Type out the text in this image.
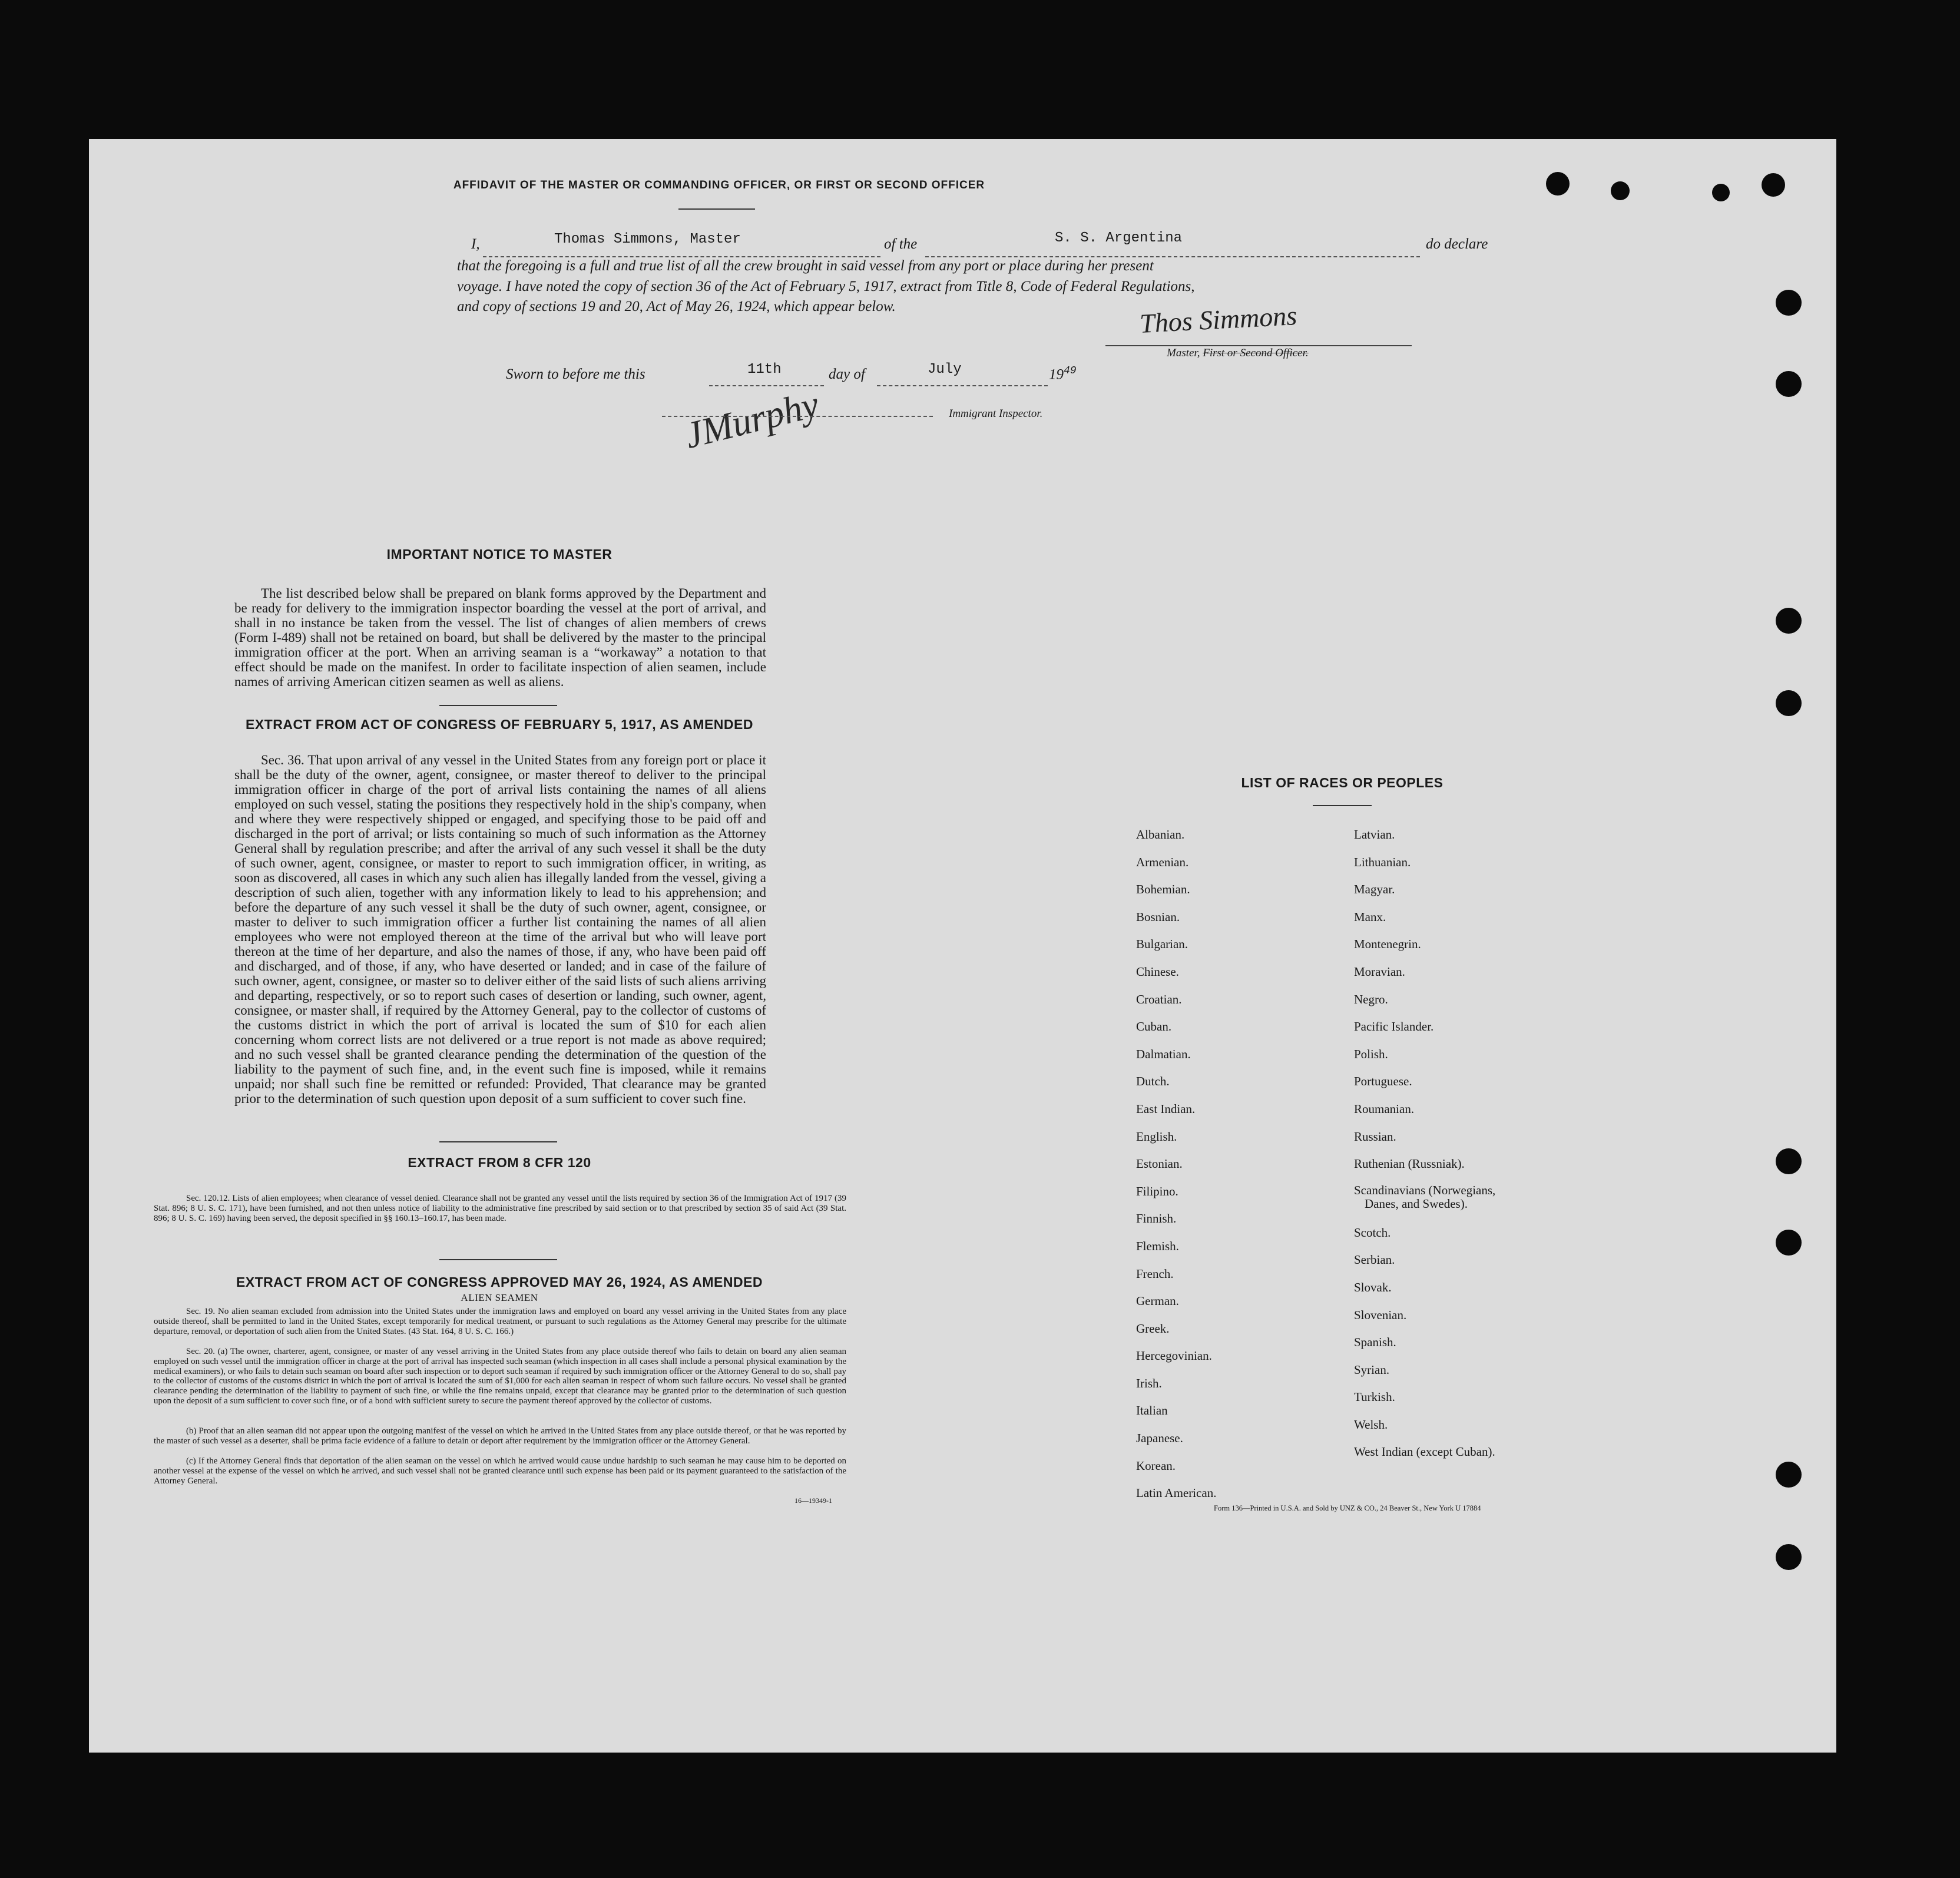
AFFIDAVIT OF THE MASTER OR COMMANDING OFFICER, OR FIRST OR SECOND OFFICER
I,	Thomas Simmons, Master	of the	S. S. Argentina	do declare
that the foregoing is a full and true list of all the crew brought in said vessel from any port or place during her present
voyage. I have noted the copy of section 36 of the Act of February 5, 1917, extract from Title 8, Code of Federal Regulations,
and copy of sections 19 and 20, Act of May 26, 1924, which appear below.	Thos Simmons
Master, First or Second Officer.
Sworn to before me this	11th	day of	July	$19^{49}$
JMurphy	Immigrant Inspector.
IMPORTANT NOTICE TO MASTER
The list described below shall be prepared on blank forms approved by the Department and be ready for delivery to the immigration inspector boarding the vessel at the port of arrival, and shall in no instance be taken from the vessel. The list of changes of alien members of crews (Form I-489) shall not be retained on board, but shall be delivered by the master to the principal immigration officer at the port. When an arriving seaman is a “workaway” a notation to that effect should be made on the manifest. In order to facilitate inspection of alien seamen, include names of arriving American citizen seamen as well as aliens.
EXTRACT FROM ACT OF CONGRESS OF FEBRUARY 5, 1917, AS AMENDED
Sec. 36. That upon arrival of any vessel in the United States from any foreign port or place it shall be the duty of the owner, agent, consignee, or master thereof to deliver to the principal immigration officer in charge of the port of arrival lists containing the names of all aliens employed on such vessel, stating the positions they respectively hold in the ship's company, when and where they were respectively shipped or engaged, and specifying those to be paid off and discharged in the port of arrival; or lists containing so much of such information as the Attorney General shall by regulation prescribe; and after the arrival of any such vessel it shall be the duty of such owner, agent, consignee, or master to report to such immigration officer, in writing, as soon as discovered, all cases in which any such alien has illegally landed from the vessel, giving a description of such alien, together with any information likely to lead to his apprehension; and before the departure of any such vessel it shall be the duty of such owner, agent, consignee, or master to deliver to such immigration officer a further list containing the names of all alien employees who were not employed thereon at the time of the arrival but who will leave port thereon at the time of her departure, and also the names of those, if any, who have been paid off and discharged, and of those, if any, who have deserted or landed; and in case of the failure of such owner, agent, consignee, or master so to deliver either of the said lists of such aliens arriving and departing, respectively, or so to report such cases of desertion or landing, such owner, agent, consignee, or master shall, if required by the Attorney General, pay to the collector of customs of the customs district in which the port of arrival is located the sum of $10 for each alien concerning whom correct lists are not delivered or a true report is not made as above required; and no such vessel shall be granted clearance pending the determination of the question of the liability to the payment of such fine, and, in the event such fine is imposed, while it remains unpaid; nor shall such fine be remitted or refunded: Provided, That clearance may be granted prior to the determination of such question upon deposit of a sum sufficient to cover such fine.
EXTRACT FROM 8 CFR 120
Sec. 120.12. Lists of alien employees; when clearance of vessel denied. Clearance shall not be granted any vessel until the lists required by section 36 of the Immigration Act of 1917 (39 Stat. 896; 8 U. S. C. 171), have been furnished, and not then unless notice of liability to the administrative fine prescribed by said section or to that prescribed by section 35 of said Act (39 Stat. 896; 8 U. S. C. 169) having been served, the deposit specified in §§ 160.13–160.17, has been made.
EXTRACT FROM ACT OF CONGRESS APPROVED MAY 26, 1924, AS AMENDED
ALIEN SEAMEN
Sec. 19. No alien seaman excluded from admission into the United States under the immigration laws and employed on board any vessel arriving in the United States from any place outside thereof, shall be permitted to land in the United States, except temporarily for medical treatment, or pursuant to such regulations as the Attorney General may prescribe for the ultimate departure, removal, or deportation of such alien from the United States. (43 Stat. 164, 8 U. S. C. 166.)
Sec. 20. (a) The owner, charterer, agent, consignee, or master of any vessel arriving in the United States from any place outside thereof who fails to detain on board any alien seaman employed on such vessel until the immigration officer in charge at the port of arrival has inspected such seaman (which inspection in all cases shall include a personal physical examination by the medical examiners), or who fails to detain such seaman on board after such inspection or to deport such seaman if required by such immigration officer or the Attorney General to do so, shall pay to the collector of customs of the customs district in which the port of arrival is located the sum of $1,000 for each alien seaman in respect of whom such failure occurs. No vessel shall be granted clearance pending the determination of the liability to payment of such fine, or while the fine remains unpaid, except that clearance may be granted prior to the determination of such question upon the deposit of a sum sufficient to cover such fine, or of a bond with sufficient surety to secure the payment thereof approved by the collector of customs.
(b) Proof that an alien seaman did not appear upon the outgoing manifest of the vessel on which he arrived in the United States from any place outside thereof, or that he was reported by the master of such vessel as a deserter, shall be prima facie evidence of a failure to detain or deport after requirement by the immigration officer or the Attorney General.
(c) If the Attorney General finds that deportation of the alien seaman on the vessel on which he arrived would cause undue hardship to such seaman he may cause him to be deported on another vessel at the expense of the vessel on which he arrived, and such vessel shall not be granted clearance until such expense has been paid or its payment guaranteed to the satisfaction of the Attorney General.
16—19349-1
LIST OF RACES OR PEOPLES
Albanian.
Armenian.
Bohemian.
Bosnian.
Bulgarian.
Chinese.
Croatian.
Cuban.
Dalmatian.
Dutch.
East Indian.
English.
Estonian.
Filipino.
Finnish.
Flemish.
French.
German.
Greek.
Hercegovinian.
Irish.
Italian
Japanese.
Korean.
Latin American.
Latvian.
Lithuanian.
Magyar.
Manx.
Montenegrin.
Moravian.
Negro.
Pacific Islander.
Polish.
Portuguese.
Roumanian.
Russian.
Ruthenian (Russniak).
Scandinavians (Norwegians,
Danes, and Swedes).
Scotch.
Serbian.
Slovak.
Slovenian.
Spanish.
Syrian.
Turkish.
Welsh.
West Indian (except Cuban).
Form 136—Printed in U.S.A. and Sold by UNZ & CO., 24 Beaver St., New York U 17884
